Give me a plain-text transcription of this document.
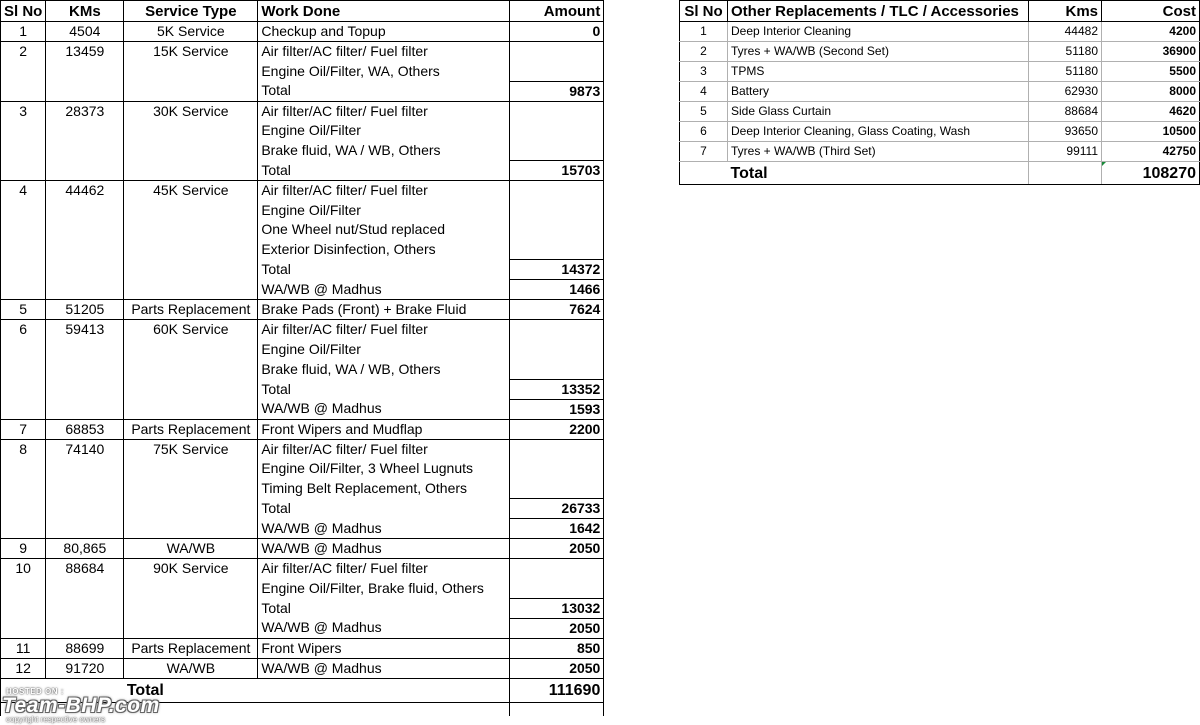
Sl No	KMs	Service Type	Work Done	Amount
1	4504	5K Service	Checkup and Topup	0
2	13459	15K Service	Air filter/AC filter/ Fuel filter	
			Engine Oil/Filter, WA, Others	
			Total	9873
3	28373	30K Service	Air filter/AC filter/ Fuel filter	
			Engine Oil/Filter	
			Brake fluid, WA / WB, Others	
			Total	15703
4	44462	45K Service	Air filter/AC filter/ Fuel filter	
			Engine Oil/Filter	
			One Wheel nut/Stud replaced	
			Exterior Disinfection, Others	
			Total	14372
			WA/WB @ Madhus	1466
5	51205	Parts Replacement	Brake Pads (Front) + Brake Fluid	7624
6	59413	60K Service	Air filter/AC filter/ Fuel filter	
			Engine Oil/Filter	
			Brake fluid, WA / WB, Others	
			Total	13352
			WA/WB @ Madhus	1593
7	68853	Parts Replacement	Front Wipers and Mudflap	2200
8	74140	75K Service	Air filter/AC filter/ Fuel filter	
			Engine Oil/Filter, 3 Wheel Lugnuts	
			Timing Belt Replacement, Others	
			Total	26733
			WA/WB @ Madhus	1642
9	80,865	WA/WB	WA/WB @ Madhus	2050
10	88684	90K Service	Air filter/AC filter/ Fuel filter	
			Engine Oil/Filter, Brake fluid, Others	
			Total	13032
			WA/WB @ Madhus	2050
11	88699	Parts Replacement	Front Wipers	850
12	91720	WA/WB	WA/WB @ Madhus	2050
		Total		111690

Sl No	Other Replacements / TLC / Accessories	Kms	Cost
1	Deep Interior Cleaning	44482	4200
2	Tyres + WA/WB (Second Set)	51180	36900
3	TPMS	51180	5500
4	Battery	62930	8000
5	Side Glass Curtain	88684	4620
6	Deep Interior Cleaning, Glass Coating, Wash	93650	10500
7	Tyres + WA/WB (Third Set)	99111	42750
	Total		108270
HOSTED ON :
Team-BHP.com
copyright respective owners
